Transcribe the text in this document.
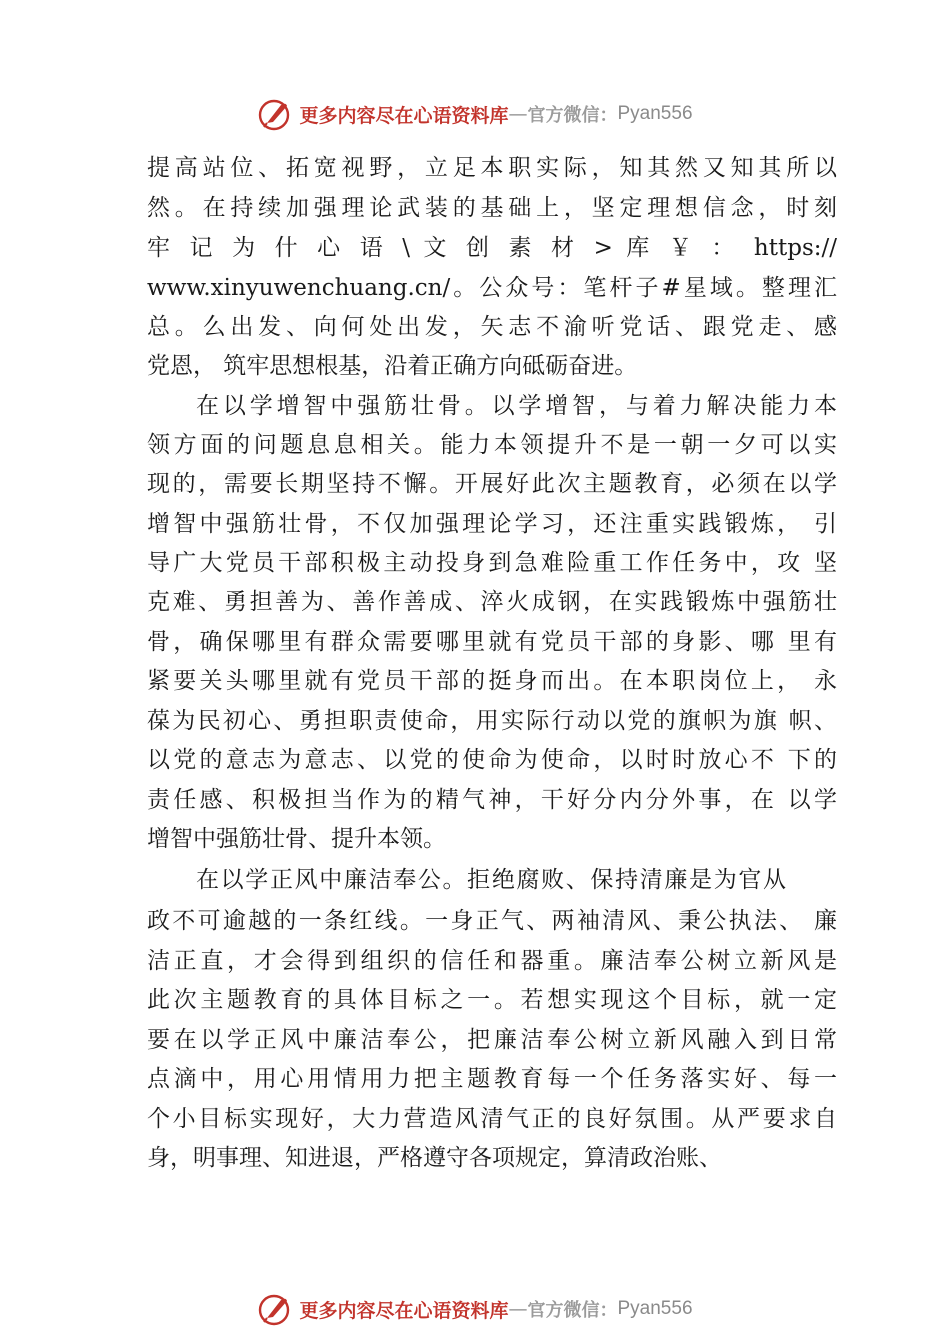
更多内容尽在心语资料库 — 官方微信： Pyan556
提高站位、拓宽视野，立足本职实际，知其然又知其所以
然。在持续加强理论武装的基础上，坚定理想信念，时刻
牢 记 为 什 心 语 \ 文 创 素 材 > 库 ￥ ： https://
www.xinyuwenchuang.cn/。公众号：笔杆子#星域。整理汇
总。么出发、向何处出发，矢志不渝听党话、跟党走、感
党恩， 筑牢思想根基，沿着正确方向砥砺奋进。
在以学增智中强筋壮骨。以学增智，与着力解决能力本
领方面的问题息息相关。能力本领提升不是一朝一夕可以实
现的，需要长期坚持不懈。开展好此次主题教育，必须在以学
增智中强筋壮骨，不仅加强理论学习，还注重实践锻炼， 引
导广大党员干部积极主动投身到急难险重工作任务中，攻 坚
克难、勇担善为、善作善成、淬火成钢，在实践锻炼中强筋壮
骨，确保哪里有群众需要哪里就有党员干部的身影、哪 里有
紧要关头哪里就有党员干部的挺身而出。在本职岗位上， 永
葆为民初心、勇担职责使命，用实际行动以党的旗帜为旗 帜、
以党的意志为意志、以党的使命为使命，以时时放心不 下的
责任感、积极担当作为的精气神，干好分内分外事，在 以学
增智中强筋壮骨、提升本领。
在以学正风中廉洁奉公。拒绝腐败、保持清廉是为官从
政不可逾越的一条红线。一身正气、两袖清风、秉公执法、 廉
洁正直，才会得到组织的信任和器重。廉洁奉公树立新风是
此次主题教育的具体目标之一。若想实现这个目标，就一定
要在以学正风中廉洁奉公，把廉洁奉公树立新风融入到日常
点滴中，用心用情用力把主题教育每一个任务落实好、每一
个小目标实现好，大力营造风清气正的良好氛围。从严要求自
身，明事理、知进退，严格遵守各项规定，算清政治账、
更多内容尽在心语资料库 — 官方微信： Pyan556
